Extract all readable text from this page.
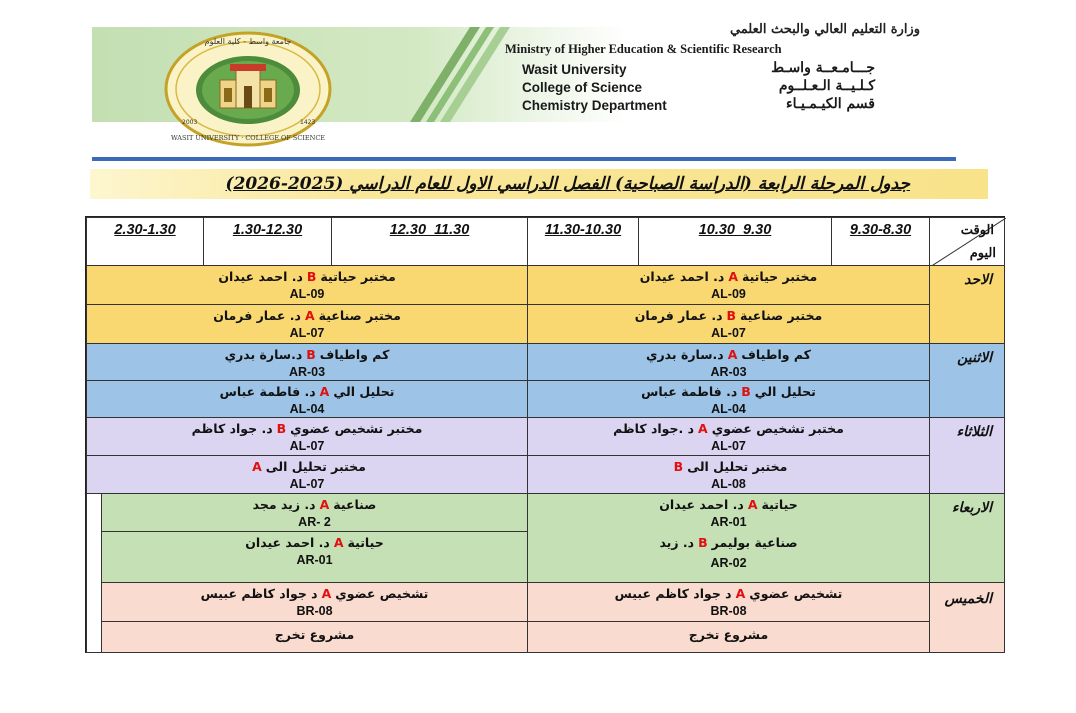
جامعة واسط - كلية العلوم
WASIT UNIVERSITY · COLLEGE OF SCIENCE
2003	1423
وزارة التعليم العالي والبحث العلمي
Ministry of Higher Education & Scientific Research
Wasit University
College of Science
Chemistry Department
جـــامـعــة واسـط
كـلـيــة الـعـلــوم
قسم الكيـمـيـاء
جدول المرحلة الرابعة (الدراسة الصباحية) الفصل الدراسي الاول للعام الدراسي (2025-2026)
الوقت
اليوم
9.30-8.30
10.30_9.30
11.30-10.30
12.30_11.30
1.30-12.30
2.30-1.30
الاحد
مختبر حياتيةAد. احمد عيدان
AL-09
مختبر صناعيةBد. عمار فرمان
AL-07
مختبر حياتيةBد. احمد عيدان
AL-09
مختبر صناعيةAد. عمار فرمان
AL-07
الاثنين
كم واطيافAد.سارة بدري
AR-03
تحليل اليBد. فاطمة عباس
AL-04
كم واطيافBد.سارة بدري
AR-03
تحليل اليAد. فاطمة عباس
AL-04
الثلاثاء
مختبر تشخيص عضويAد .جواد كاظم
AL-07
مختبر تحليل الىB
AL-08
مختبر تشخيص عضويBد. جواد كاظم
AL-07
مختبر تحليل الىA
AL-07
الاربعاء
حياتيةAد. احمد عيدان
AR-01
صناعية بوليمرBد. زيد
AR-02
صناعيةAد. زيد مجد
AR- 2
حياتيةAد. احمد عيدان
AR-01
الخميس
تشخيص عضويAد جواد كاظم عبيس
BR-08
مشروع تخرج
تشخيص عضويAد جواد كاظم عبيس
BR-08
مشروع تخرج
